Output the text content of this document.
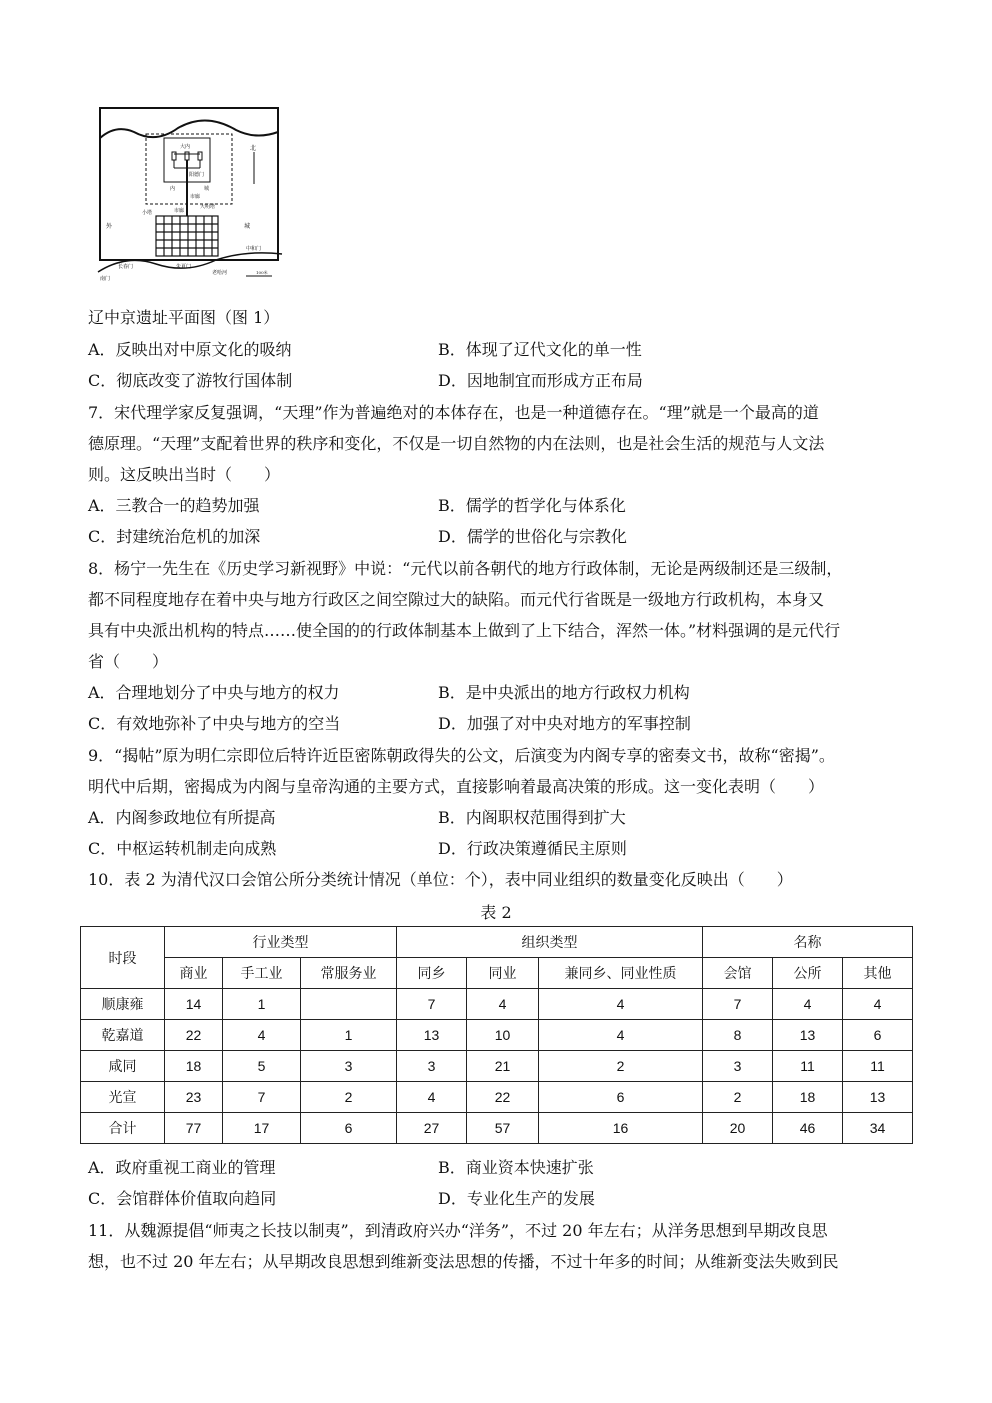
大内
阳德门
内	城
市廊
北
大明塔
小塔	市廊
外	城
长春门	朱夏门
中和门
南门
老哈河	100米
辽中京遗址平面图（图 1）
A．反映出对中原文化的吸纳	B．体现了辽代文化的单一性
C．彻底改变了游牧行国体制	D．因地制宜而形成方正布局
7．宋代理学家反复强调，“天理”作为普遍绝对的本体存在，也是一种道德存在。“理”就是一个最高的道
德原理。“天理”支配着世界的秩序和变化，不仅是一切自然物的内在法则，也是社会生活的规范与人文法
则。这反映出当时（　　）
A．三教合一的趋势加强	B．儒学的哲学化与体系化
C．封建统治危机的加深	D．儒学的世俗化与宗教化
8．杨宁一先生在《历史学习新视野》中说：“元代以前各朝代的地方行政体制，无论是两级制还是三级制，
都不同程度地存在着中央与地方行政区之间空隙过大的缺陷。而元代行省既是一级地方行政机构，本身又
具有中央派出机构的特点……使全国的的行政体制基本上做到了上下结合，浑然一体。”材料强调的是元代行
省（　　）
A．合理地划分了中央与地方的权力	B．是中央派出的地方行政权力机构
C．有效地弥补了中央与地方的空当	D．加强了对中央对地方的军事控制
9．“揭帖”原为明仁宗即位后特许近臣密陈朝政得失的公文，后演变为内阁专享的密奏文书，故称“密揭”。
明代中后期，密揭成为内阁与皇帝沟通的主要方式，直接影响着最高决策的形成。这一变化表明（　　）
A．内阁参政地位有所提高	B．内阁职权范围得到扩大
C．中枢运转机制走向成熟	D．行政决策遵循民主原则
10．表 2 为清代汉口会馆公所分类统计情况（单位：个），表中同业组织的数量变化反映出（　　）
表 2
时段	行业类型			组织类型			名称		
	商业	手工业	常服务业	同乡	同业	兼同乡、同业性质	会馆	公所	其他
顺康雍	14	1		7	4	4	7	4	4
乾嘉道	22	4	1	13	10	4	8	13	6
咸同	18	5	3	3	21	2	3	11	11
光宣	23	7	2	4	22	6	2	18	13
合计	77	17	6	27	57	16	20	46	34
A．政府重视工商业的管理	B．商业资本快速扩张
C．会馆群体价值取向趋同	D．专业化生产的发展
11．从魏源提倡“师夷之长技以制夷”，到清政府兴办“洋务”，不过 20 年左右；从洋务思想到早期改良思
想，也不过 20 年左右；从早期改良思想到维新变法思想的传播，不过十年多的时间；从维新变法失败到民
